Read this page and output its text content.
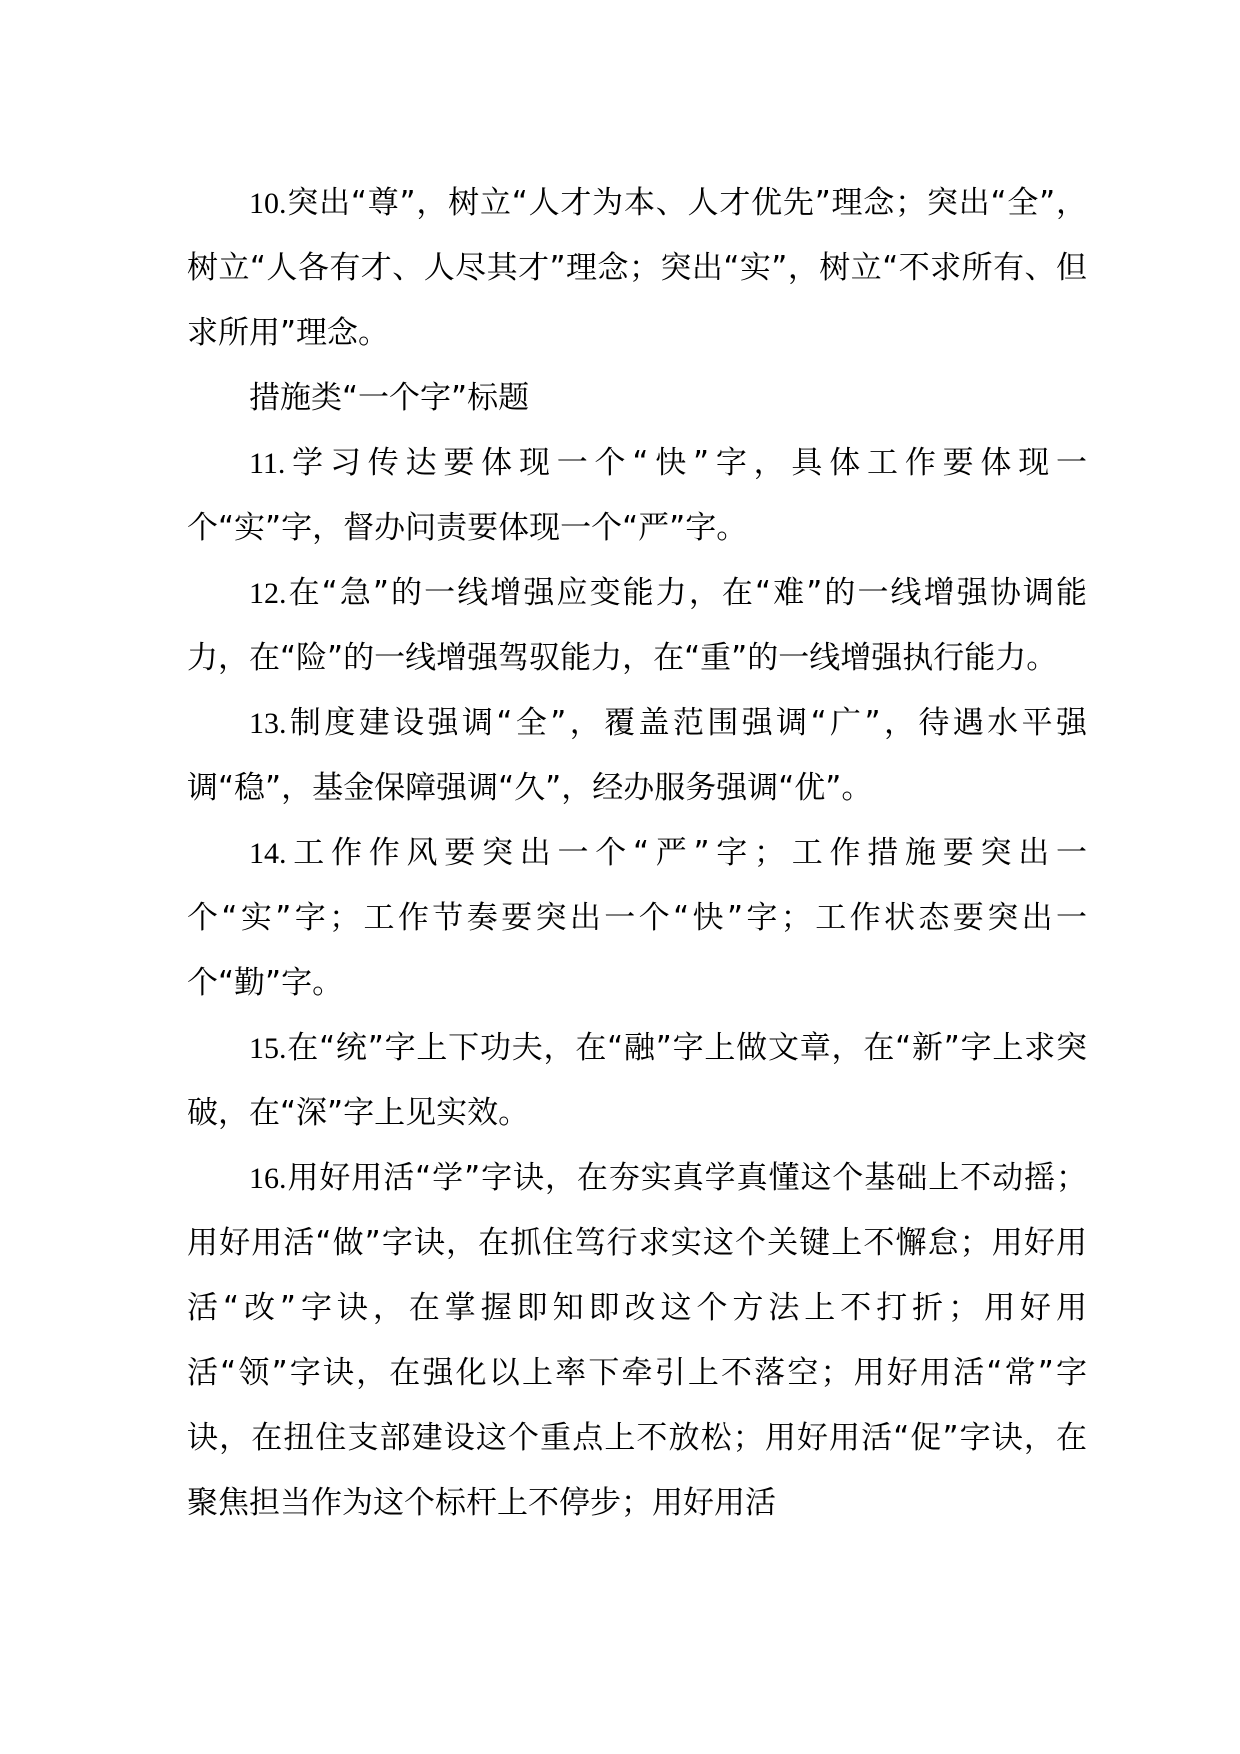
10.突出“尊”，树立“人才为本、人才优先”理念；突出“全”，树立“人各有才、人尽其才”理念；突出“实”，树立“不求所有、但求所用”理念。

措施类“一个字”标题

11.学习传达要体现一个“快”字，具体工作要体现一个“实”字，督办问责要体现一个“严”字。

12.在“急”的一线增强应变能力，在“难”的一线增强协调能力，在“险”的一线增强驾驭能力，在“重”的一线增强执行能力。

13.制度建设强调“全”，覆盖范围强调“广”，待遇水平强调“稳”，基金保障强调“久”，经办服务强调“优”。

14.工作作风要突出一个“严”字；工作措施要突出一个“实”字；工作节奏要突出一个“快”字；工作状态要突出一个“勤”字。

15.在“统”字上下功夫，在“融”字上做文章，在“新”字上求突破，在“深”字上见实效。

16.用好用活“学”字诀，在夯实真学真懂这个基础上不动摇；用好用活“做”字诀，在抓住笃行求实这个关键上不懈怠；用好用活“改”字诀，在掌握即知即改这个方法上不打折；用好用活“领”字诀，在强化以上率下牵引上不落空；用好用活“常”字诀，在扭住支部建设这个重点上不放松；用好用活“促”字诀，在聚焦担当作为这个标杆上不停步；用好用活
